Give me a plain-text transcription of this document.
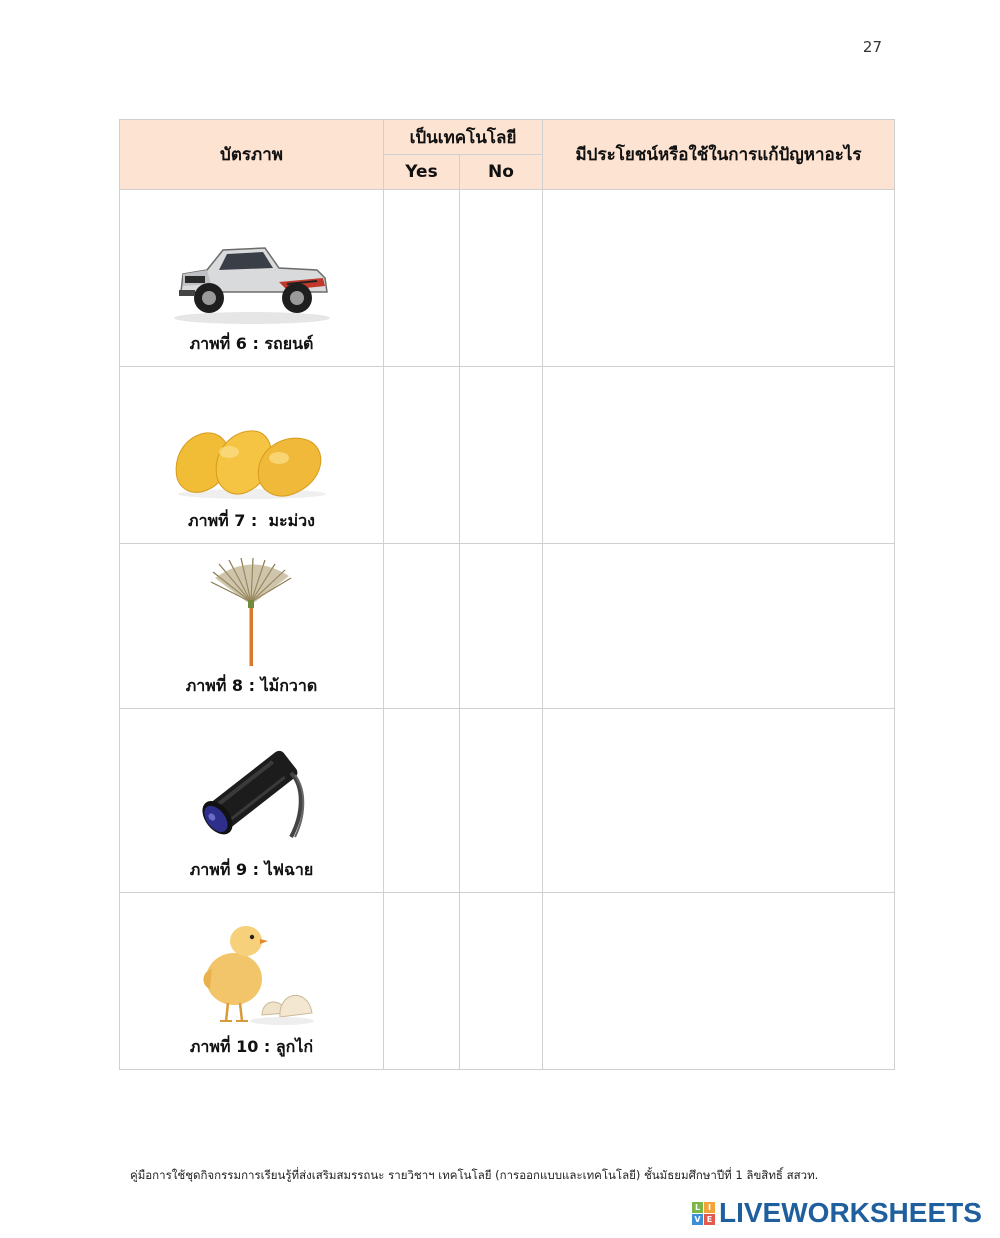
27
บัตรภาพ	เป็นเทคโนโลยี		มีประโยชน์หรือใช้ในการแก้ปัญหาอะไร
	Yes	No	

ภาพที่ 6 : รถยนต์			

ภาพที่ 7 :  มะม่วง			

ภาพที่ 8 : ไม้กวาด			

ภาพที่ 9 : ไฟฉาย			

ภาพที่ 10 : ลูกไก่			

คู่มือการใช้ชุดกิจกรรมการเรียนรู้ที่ส่งเสริมสมรรถนะ รายวิชาฯ เทคโนโลยี (การออกแบบและเทคโนโลยี) ชั้นมัธยมศึกษาปีที่ 1 ลิขสิทธิ์ สสวท.
L I
V E LIVEWORKSHEETS
